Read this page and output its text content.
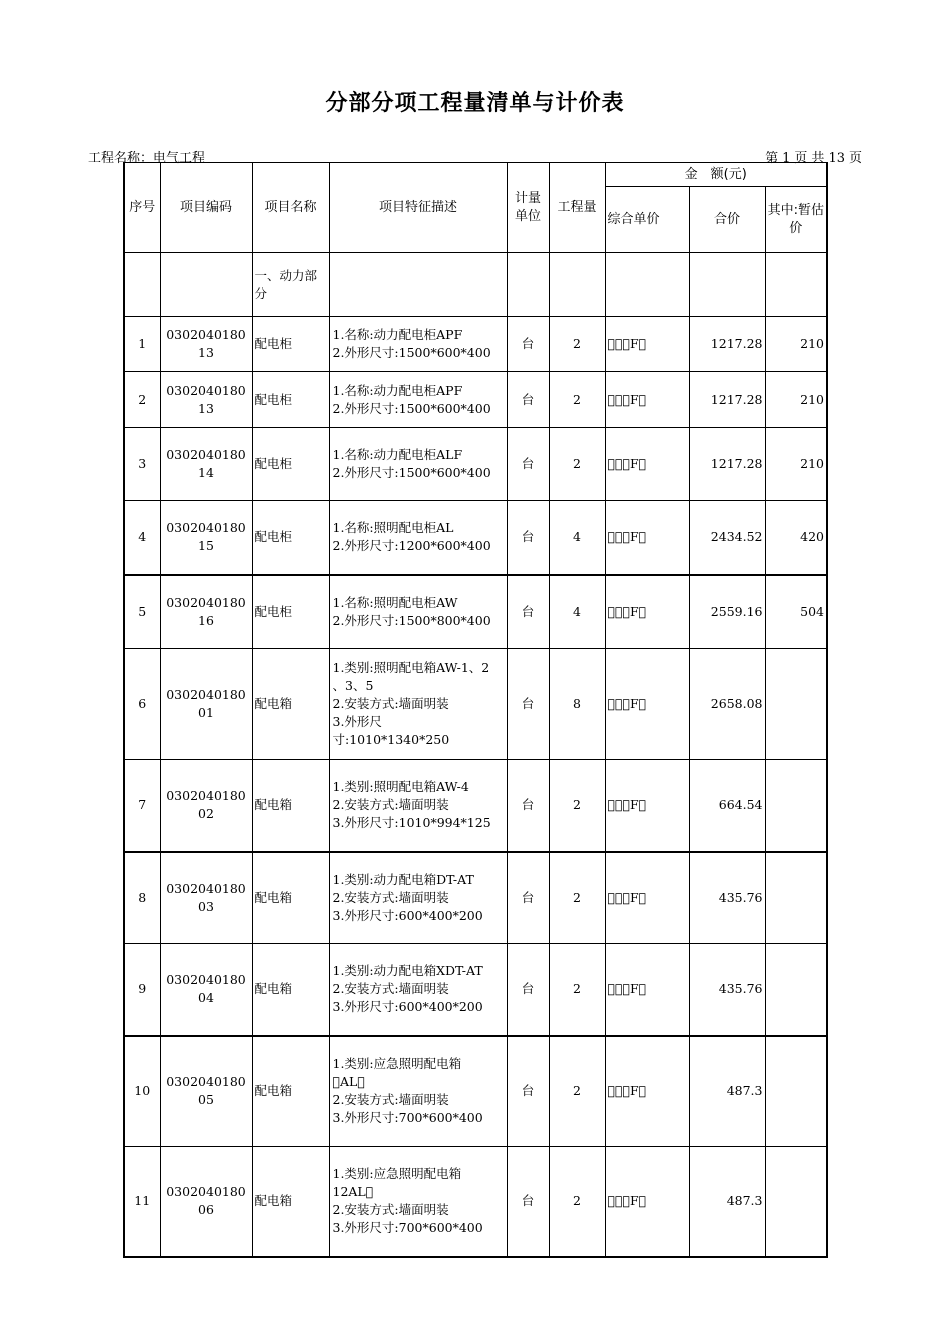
分部分项工程量清单与计价表
工程名称：电气工程	第 1 页 共 13 页
序号	项目编码	项目名称	项目特征描述	计量单位	工程量	金　额(元)		
						综合单价	合价	其中:暂估价
		一、动力部分						
1	030204018013	配电柜	1.名称:动力配电柜APF
2.外形尺寸:1500*600*400	台	2	   F 	1217.28	210
2	030204018013	配电柜	1.名称:动力配电柜APF
2.外形尺寸:1500*600*400	台	2	   F 	1217.28	210
3	030204018014	配电柜	1.名称:动力配电柜ALF
2.外形尺寸:1500*600*400	台	2	   F 	1217.28	210
4	030204018015	配电柜	1.名称:照明配电柜AL
2.外形尺寸:1200*600*400	台	4	   F 	2434.52	420
5	030204018016	配电柜	1.名称:照明配电柜AW
2.外形尺寸:1500*800*400	台	4	   F 	2559.16	504
6	030204018001	配电箱	1.类别:照明配电箱AW-1、2
、3、5
2.安装方式:墙面明装
3.外形尺
寸:1010*1340*250	台	8	   F 	2658.08	
7	030204018002	配电箱	1.类别:照明配电箱AW-4
2.安装方式:墙面明装
3.外形尺寸:1010*994*125	台	2	   F 	664.54	
8	030204018003	配电箱	1.类别:动力配电箱DT-AT
2.安装方式:墙面明装
3.外形尺寸:600*400*200	台	2	   F 	435.76	
9	030204018004	配电箱	1.类别:动力配电箱XDT-AT
2.安装方式:墙面明装
3.外形尺寸:600*400*200	台	2	   F 	435.76	
10	030204018005	配电箱	1.类别:应急照明配电箱
 AL 
2.安装方式:墙面明装
3.外形尺寸:700*600*400	台	2	   F 	487.3	
11	030204018006	配电箱	1.类别:应急照明配电箱
12AL 
2.安装方式:墙面明装
3.外形尺寸:700*600*400	台	2	   F 	487.3	
